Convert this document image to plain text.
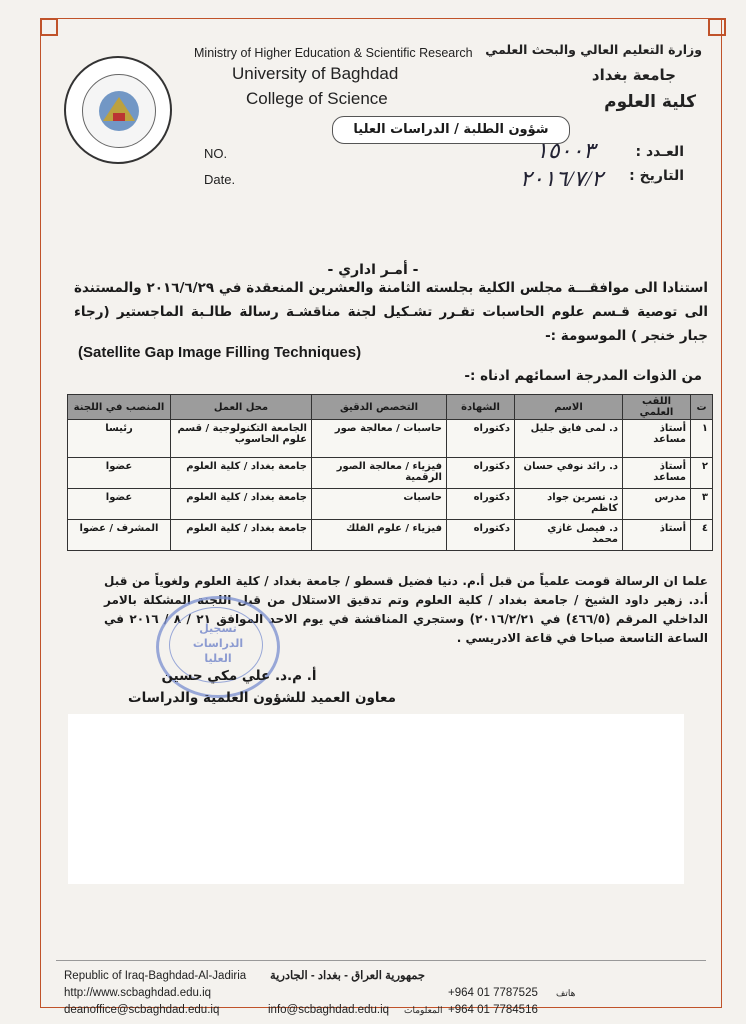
Ministry of Higher Education & Scientific Research
University of Baghdad
College of Science
وزارة التعليم العالي والبحث العلمي
جامعة بغداد
كلية العلوم
شؤون الطلبة / الدراسات العليا
NO.
Date.
العـدد :
التاريخ :
١٥٠٠٣
٢٠١٦/٧/٢
- أمـر اداري -
استنادا الى موافقـــة مجلس الكلية بجلسته الثامنة والعشرين المنعقدة في ٢٠١٦/٦/٢٩ والمستندة الى توصية قـسم علوم الحاسبات تقـرر تشـكيل لجنة مناقشـة رسالة طالـبة الماجستير (رجاء جبار خنجر ) الموسومة :-
(Satellite Gap Image Filling Techniques)
من الذوات المدرجة اسمائهم ادناه :-
ت	اللقب العلمي	الاسم	الشهادة	التخصص الدقيق	محل العمل	المنصب في اللجنة
١	أستاذ مساعد	د. لمى فايق جليل	دكتوراه	حاسبات / معالجة صور	الجامعة التكنولوجية / قسم علوم الحاسوب	رئيسا
٢	أستاذ مساعد	د. رائد نوفي حسان	دكتوراه	فيزياء / معالجة الصور الرقمية	جامعة بغداد / كلية العلوم	عضوا
٣	مدرس	د. نسرين جواد كاظم	دكتوراه	حاسبات	جامعة بغداد / كلية العلوم	عضوا
٤	أستاذ	د. فيصل غازي محمد	دكتوراه	فيزياء / علوم الفلك	جامعة بغداد / كلية العلوم	المشرف / عضوا
علما ان الرسالة قومت علمياً من قبل أ.م. دنيا فضيل قسطو / جامعة بغداد / كلية العلوم ولغوياً من قبل أ.د. زهير داود الشيخ / جامعة بغداد / كلية العلوم وتم تدقيق الاستلال من قبل اللجنة المشكلة بالامر الداخلي المرقم (٤٦٦/٥) في ٢٠١٦/٢/٢١) وستجري المناقشة في يوم الاحد الموافق ٢١ / ٨ / ٢٠١٦ في الساعة التاسعة صباحا في قاعة الادريسي .
تسجيل الدراسات العليا
أ. م.د. علي مكي حسين
معاون العميد للشؤون العلمية والدراسات
Republic of Iraq-Baghdad-Al-Jadiria جمهورية العراق - بغداد - الجادرية
http://www.scbaghdad.edu.iq
deanoffice@scbaghdad.edu.iq	info@scbaghdad.edu.iq
+964 01 7787525 هاتف
المعلومات +964 01 7784516
